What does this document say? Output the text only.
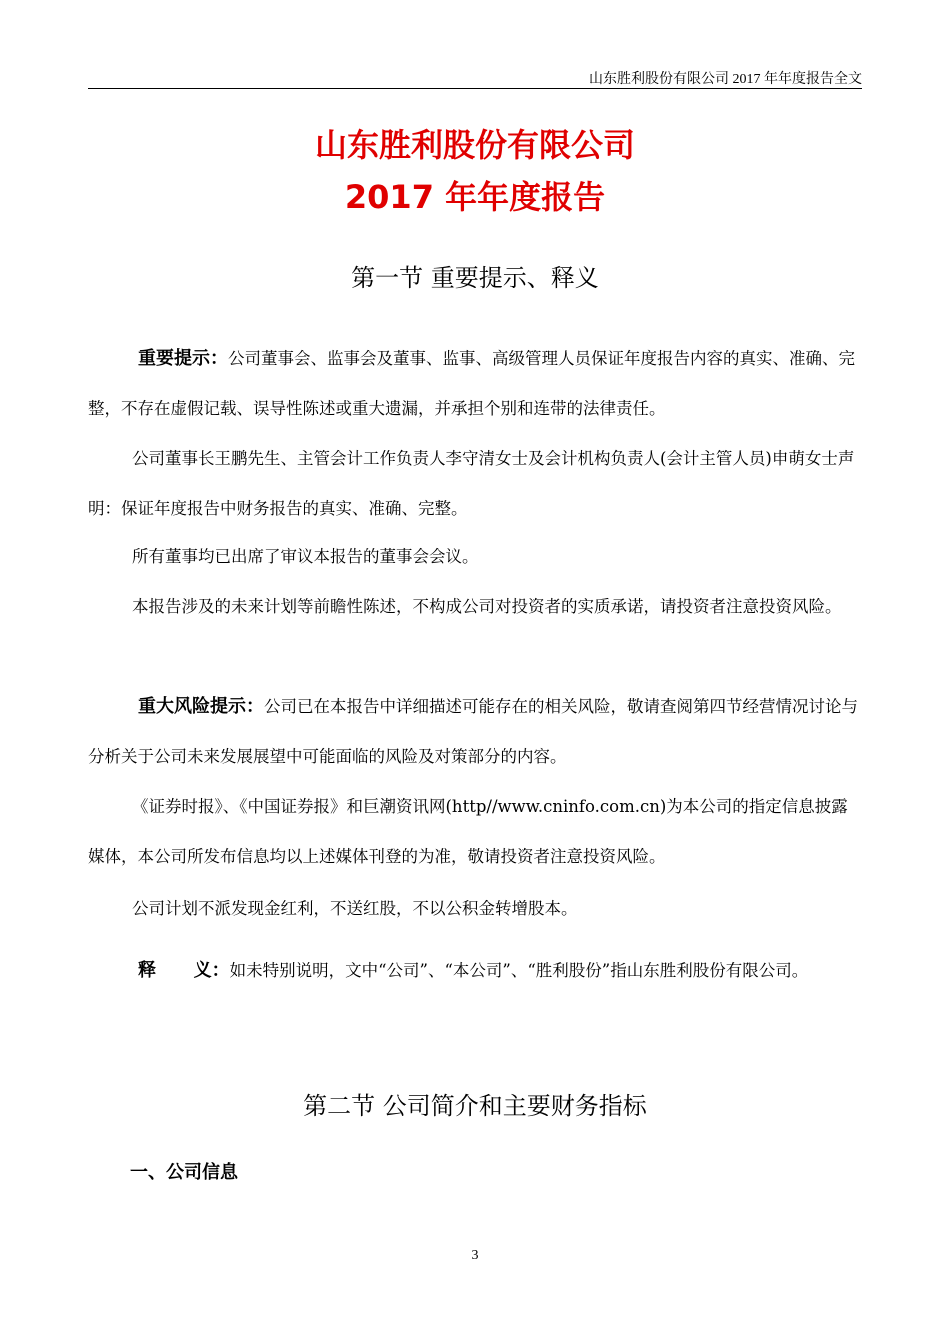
山东胜利股份有限公司 2017 年年度报告全文
山东胜利股份有限公司
2017 年年度报告
第一节 重要提示、释义
重要提示：公司董事会、监事会及董事、监事、高级管理人员保证年度报告内容的真实、准确、完整，不存在虚假记载、误导性陈述或重大遗漏，并承担个别和连带的法律责任。
公司董事长王鹏先生、主管会计工作负责人李守清女士及会计机构负责人(会计主管人员)申萌女士声明：保证年度报告中财务报告的真实、准确、完整。
所有董事均已出席了审议本报告的董事会会议。
本报告涉及的未来计划等前瞻性陈述，不构成公司对投资者的实质承诺，请投资者注意投资风险。
重大风险提示：公司已在本报告中详细描述可能存在的相关风险，敬请查阅第四节经营情况讨论与分析关于公司未来发展展望中可能面临的风险及对策部分的内容。
《证券时报》、《中国证券报》和巨潮资讯网(http//www.cninfo.com.cn)为本公司的指定信息披露媒体，本公司所发布信息均以上述媒体刊登的为准，敬请投资者注意投资风险。
公司计划不派发现金红利，不送红股，不以公积金转增股本。
释      义：如未特别说明，文中“公司”、“本公司”、“胜利股份”指山东胜利股份有限公司。
第二节 公司简介和主要财务指标
一、公司信息
3
